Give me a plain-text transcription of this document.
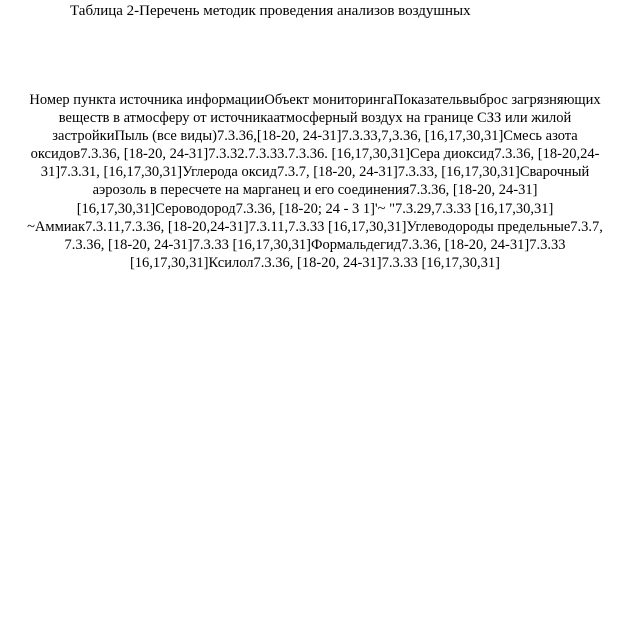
Таблица 2-Перечень методик проведения анализов воздушных

Номер пункта источника информацииОбъект мониторингаПоказательвыброс загрязняющих веществ в атмосферу от источникаатмосферный воздух на границе СЗЗ или жилой застройкиПыль (все виды)7.3.36,[18-20, 24-31]7.3.33,7,3.36, [16,17,30,31]Смесь азота оксидов7.3.36, [18-20, 24-31]7.3.32.7.3.33.7.3.36. [16,17,30,31]Сера диоксид7.3.36, [18-20,24-31]7.3.31, [16,17,30,31]Углерода оксид7.3.7, [18-20, 24-31]7.3.33, [16,17,30,31]Сварочный аэрозоль в пересчете на марганец и его соединения7.3.36, [18-20, 24-31][16,17,30,31]Сероводород7.3.36, [18-20; 24 - 3 1]'~ "7.3.29,7.3.33 [16,17,30,31] ~Аммиак7.3.11,7.3.36, [18-20,24-31]7.3.11,7.3.33 [16,17,30,31]Углеводороды предельные7.3.7, 7.3.36, [18-20, 24-31]7.3.33 [16,17,30,31]Формальдегид7.3.36, [18-20, 24-31]7.3.33 [16,17,30,31]Ксилол7.3.36, [18-20, 24-31]7.3.33 [16,17,30,31]
